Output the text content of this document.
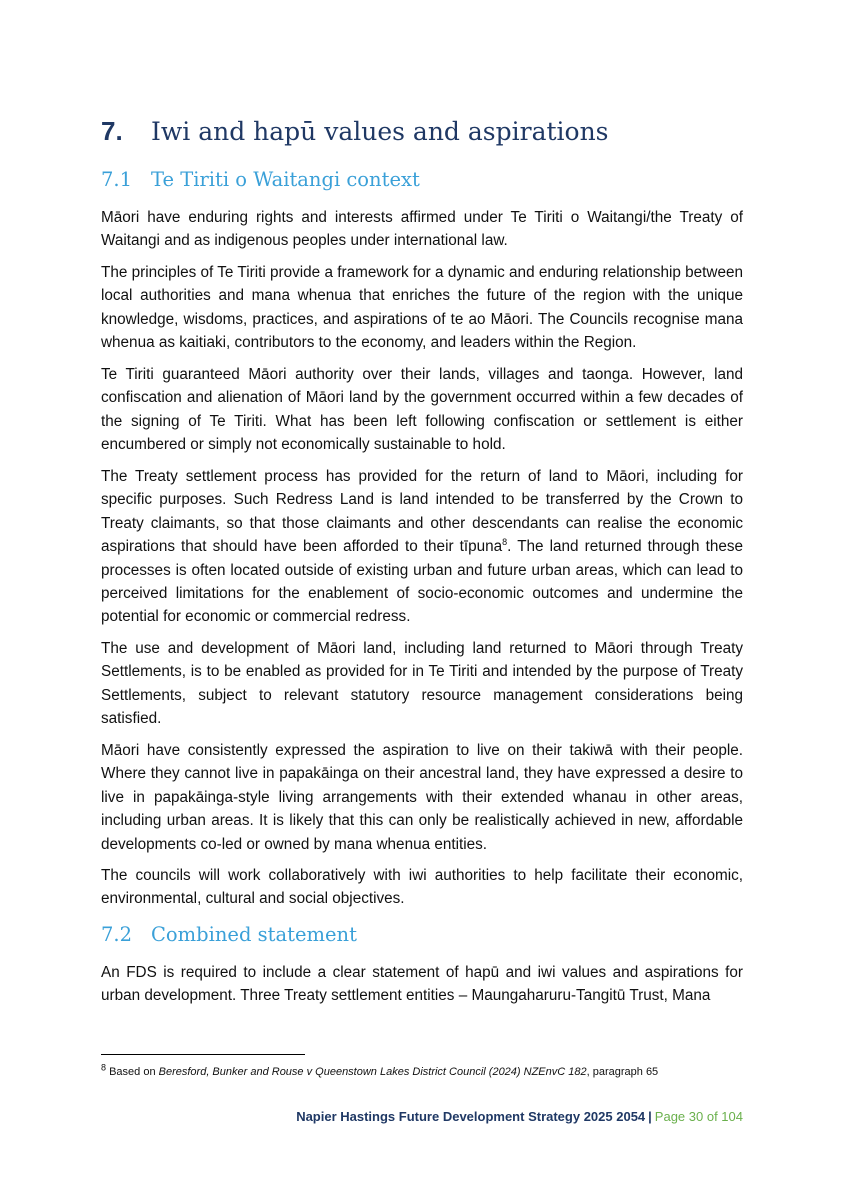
7. Iwi and hapū values and aspirations
7.1 Te Tiriti o Waitangi context

Māori have enduring rights and interests affirmed under Te Tiriti o Waitangi/the Treaty of Waitangi and as indigenous peoples under international law.

The principles of Te Tiriti provide a framework for a dynamic and enduring relationship between local authorities and mana whenua that enriches the future of the region with the unique knowledge, wisdoms, practices, and aspirations of te ao Māori. The Councils recognise mana whenua as kaitiaki, contributors to the economy, and leaders within the Region.

Te Tiriti guaranteed Māori authority over their lands, villages and taonga. However, land confiscation and alienation of Māori land by the government occurred within a few decades of the signing of Te Tiriti. What has been left following confiscation or settlement is either encumbered or simply not economically sustainable to hold.

The Treaty settlement process has provided for the return of land to Māori, including for specific purposes. Such Redress Land is land intended to be transferred by the Crown to Treaty claimants, so that those claimants and other descendants can realise the economic aspirations that should have been afforded to their tīpuna$^8$. The land returned through these processes is often located outside of existing urban and future urban areas, which can lead to perceived limitations for the enablement of socio-economic outcomes and undermine the potential for economic or commercial redress.

The use and development of Māori land, including land returned to Māori through Treaty Settlements, is to be enabled as provided for in Te Tiriti and intended by the purpose of Treaty Settlements, subject to relevant statutory resource management considerations being satisfied.

Māori have consistently expressed the aspiration to live on their takiwā with their people. Where they cannot live in papakāinga on their ancestral land, they have expressed a desire to live in papakāinga-style living arrangements with their extended whanau in other areas, including urban areas. It is likely that this can only be realistically achieved in new, affordable developments co-led or owned by mana whenua entities.

The councils will work collaboratively with iwi authorities to help facilitate their economic, environmental, cultural and social objectives.

7.2 Combined statement

An FDS is required to include a clear statement of hapū and iwi values and aspirations for urban development. Three Treaty settlement entities – Maungaharuru-Tangitū Trust, Mana

$^8$ Based on Beresford, Bunker and Rouse v Queenstown Lakes District Council (2024) NZEnvC 182, paragraph 65
Napier Hastings Future Development Strategy 2025 2054 | Page 30 of 104
